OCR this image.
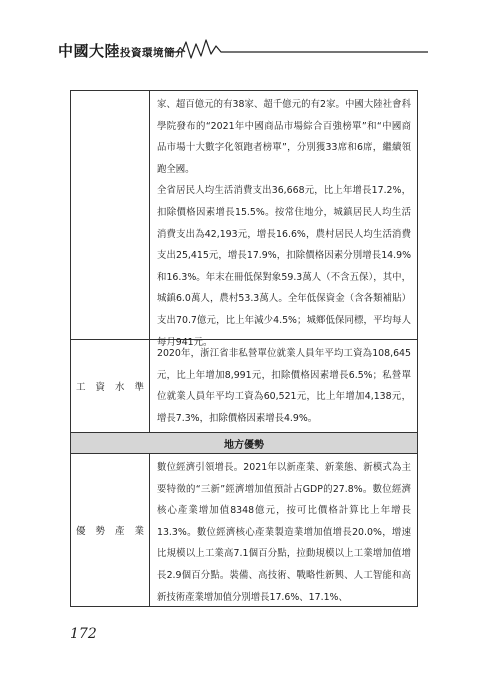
中國大陸投資環境簡介

家、超百億元的有38家、超千億元的有2家。中國大陸社會科學院發布的“2021年中國商品市場綜合百強榜單”和“中國商品市場十大數字化領跑者榜單”，分別獲33席和6席，繼續領跑全國。

全省居民人均生活消費支出36,668元，比上年增長17.2%，扣除價格因素增長15.5%。按常住地分，城鎮居民人均生活消費支出為42,193元，增長16.6%，農村居民人均生活消費支出25,415元，增長17.9%，扣除價格因素分別增長14.9%和16.3%。年末在冊低保對象59.3萬人（不含五保），其中，城鎮6.0萬人，農村53.3萬人。全年低保資金（含各類補貼）支出70.7億元，比上年減少4.5%；城鄉低保同標，平均每人每月941元。

工資水準

2020年，浙江省非私營單位就業人員年平均工資為108,645元，比上年增加8,991元，扣除價格因素增長6.5%；私營單位就業人員年平均工資為60,521元，比上年增加4,138元，增長7.3%，扣除價格因素增長4.9%。

地方優勢
優勢產業

數位經濟引領增長。2021年以新產業、新業態、新模式為主要特徵的“三新”經濟增加值預計占GDP的27.8%。數位經濟核心產業增加值8348億元，按可比價格計算比上年增長13.3%。數位經濟核心產業製造業增加值增長20.0%，增速比規模以上工業高7.1個百分點，拉動規模以上工業增加值增長2.9個百分點。裝備、高技術、戰略性新興、人工智能和高新技術產業增加值分別增長17.6%、17.1%、

172
